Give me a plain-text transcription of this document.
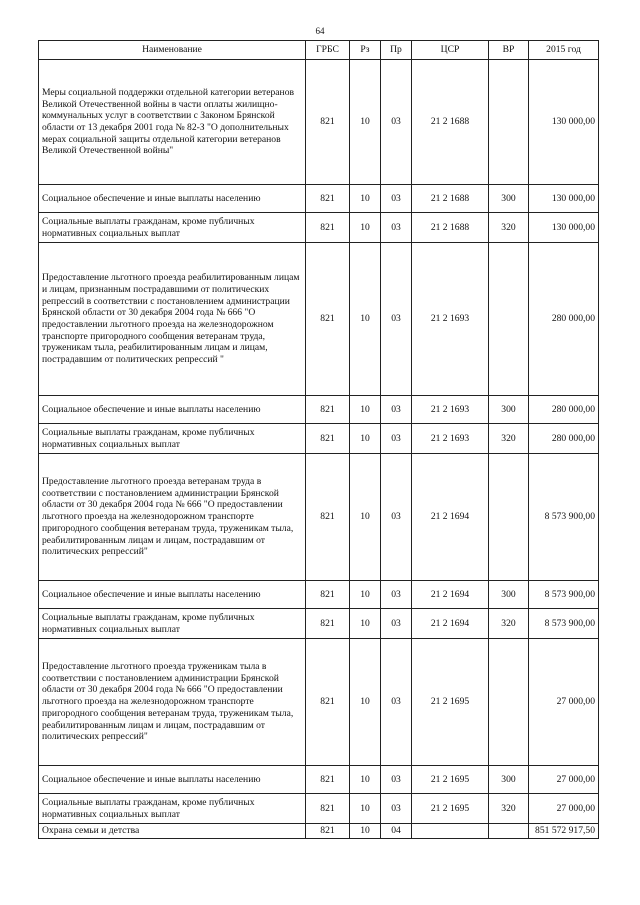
64
Наименование	ГРБС	Рз	Пр	ЦСР	ВР	2015 год
Меры социальной поддержки отдельной категории ветеранов Великой Отечественной войны в части оплаты жилищно-коммунальных услуг в соответствии с Законом Брянской области от 13 декабря 2001 года № 82-З "О дополнительных мерах социальной защиты отдельной категории ветеранов Великой Отечественной войны"	821	10	03	21 2 1688		130 000,00
Социальное обеспечение и иные выплаты населению	821	10	03	21 2 1688	300	130 000,00
Социальные выплаты гражданам, кроме публичных нормативных социальных выплат	821	10	03	21 2 1688	320	130 000,00
Предоставление льготного проезда реабилитированным лицам и лицам, признанным пострадавшими от политических репрессий в соответствии с постановлением администрации Брянской области от 30 декабря 2004 года № 666 "О предоставлении льготного проезда на железнодорожном транспорте пригородного сообщения ветеранам труда, труженикам тыла, реабилитированным лицам и лицам, пострадавшим от политических репрессий "	821	10	03	21 2 1693		280 000,00
Социальное обеспечение и иные выплаты населению	821	10	03	21 2 1693	300	280 000,00
Социальные выплаты гражданам, кроме публичных нормативных социальных выплат	821	10	03	21 2 1693	320	280 000,00
Предоставление льготного проезда ветеранам труда в соответствии с постановлением администрации Брянской области от 30 декабря 2004 года № 666 "О предоставлении льготного проезда на железнодорожном транспорте пригородного сообщения ветеранам труда, труженикам тыла, реабилитированным лицам и лицам, пострадавшим от политических репрессий"	821	10	03	21 2 1694		8 573 900,00
Социальное обеспечение и иные выплаты населению	821	10	03	21 2 1694	300	8 573 900,00
Социальные выплаты гражданам, кроме публичных нормативных социальных выплат	821	10	03	21 2 1694	320	8 573 900,00
Предоставление льготного проезда труженикам тыла в соответствии с постановлением администрации Брянской области от 30 декабря 2004 года № 666 "О предоставлении льготного проезда на железнодорожном транспорте пригородного сообщения ветеранам труда, труженикам тыла, реабилитированным лицам и лицам, пострадавшим от политических репрессий"	821	10	03	21 2 1695		27 000,00
Социальное обеспечение и иные выплаты населению	821	10	03	21 2 1695	300	27 000,00
Социальные выплаты гражданам, кроме публичных нормативных социальных выплат	821	10	03	21 2 1695	320	27 000,00
Охрана семьи и детства	821	10	04			851 572 917,50
